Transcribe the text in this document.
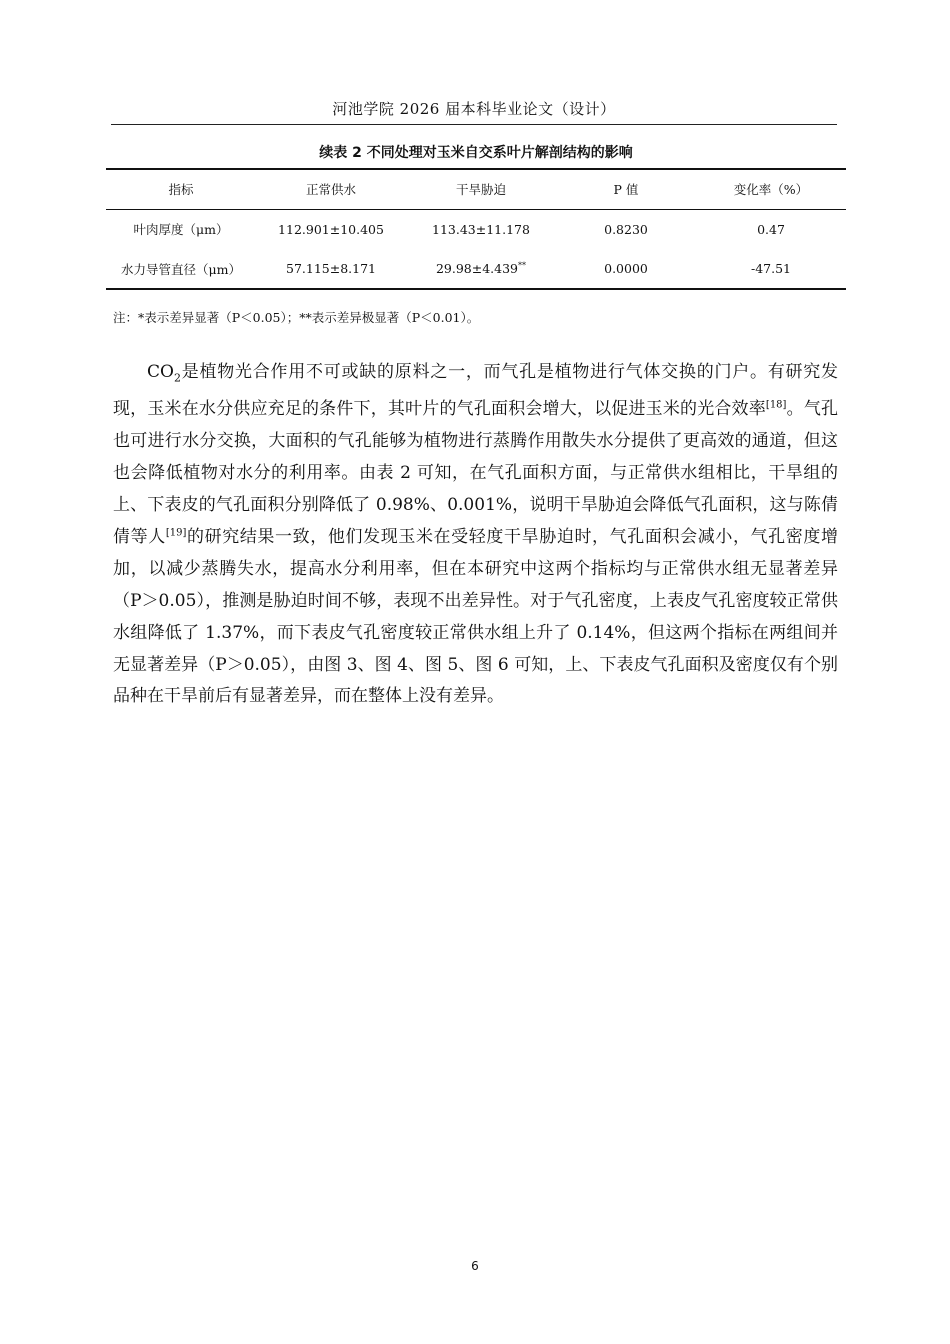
河池学院 2026 届本科毕业论文（设计）
续表 2 不同处理对玉米自交系叶片解剖结构的影响
指标	正常供水	干旱胁迫	P 值	变化率（%）
叶肉厚度（μm）	112.901±10.405	113.43±11.178	0.8230	0.47
水力导管直径（μm）	57.115±8.171	29.98±4.439**	0.0000	-47.51
注：*表示差异显著（P＜0.05）；**表示差异极显著（P＜0.01）。

$CO_2$是植物光合作用不可或缺的原料之一，而气孔是植物进行气体交换的门户。有研究发现，玉米在水分供应充足的条件下，其叶片的气孔面积会增大，以促进玉米的光合效率[18]。气孔也可进行水分交换，大面积的气孔能够为植物进行蒸腾作用散失水分提供了更高效的通道，但这也会降低植物对水分的利用率。由表 2 可知，在气孔面积方面，与正常供水组相比，干旱组的上、下表皮的气孔面积分别降低了 0.98%、0.001%，说明干旱胁迫会降低气孔面积，这与陈倩倩等人[19]的研究结果一致，他们发现玉米在受轻度干旱胁迫时，气孔面积会减小，气孔密度增加，以减少蒸腾失水，提高水分利用率，但在本研究中这两个指标均与正常供水组无显著差异（P＞0.05），推测是胁迫时间不够，表现不出差异性。对于气孔密度，上表皮气孔密度较正常供水组降低了 1.37%，而下表皮气孔密度较正常供水组上升了 0.14%，但这两个指标在两组间并无显著差异（P＞0.05），由图 3、图 4、图 5、图 6 可知，上、下表皮气孔面积及密度仅有个别品种在干旱前后有显著差异，而在整体上没有差异。

6
